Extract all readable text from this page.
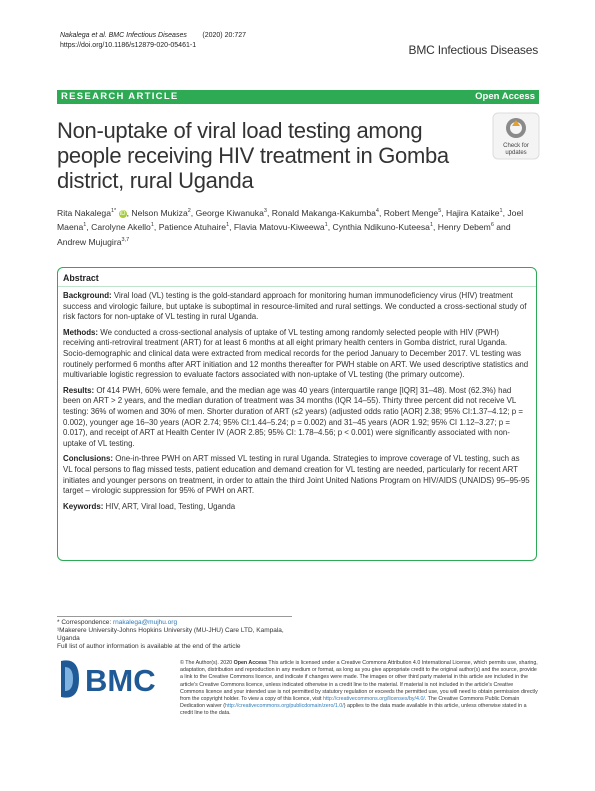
Nakalega et al. BMC Infectious Diseases (2020) 20:727
https://doi.org/10.1186/s12879-020-05461-1	BMC Infectious Diseases
RESEARCH ARTICLE	Open Access
Non-uptake of viral load testing among people receiving HIV treatment in Gomba district, rural Uganda
Check for
updates
Rita Nakalega$^{1*}$ iD, Nelson Mukiza$^2$, George Kiwanuka$^3$, Ronald Makanga-Kakumba$^4$, Robert Menge$^5$, Hajira Kataike$^1$, Joel Maena$^1$, Carolyne Akello$^1$, Patience Atuhaire$^1$, Flavia Matovu-Kiweewa$^1$, Cynthia Ndikuno-Kuteesa$^1$, Henry Debem$^6$ and Andrew Mujugira$^{3,7}$
Abstract

Background: Viral load (VL) testing is the gold-standard approach for monitoring human immunodeficiency virus (HIV) treatment success and virologic failure, but uptake is suboptimal in resource-limited and rural settings. We conducted a cross-sectional study of risk factors for non-uptake of VL testing in rural Uganda.

Methods: We conducted a cross-sectional analysis of uptake of VL testing among randomly selected people with HIV (PWH) receiving anti-retroviral treatment (ART) for at least 6 months at all eight primary health centers in Gomba district, rural Uganda. Socio-demographic and clinical data were extracted from medical records for the period January to December 2017. VL testing was routinely performed 6 months after ART initiation and 12 months thereafter for PWH stable on ART. We used descriptive statistics and multivariable logistic regression to evaluate factors associated with non-uptake of VL testing (the primary outcome).

Results: Of 414 PWH, 60% were female, and the median age was 40 years (interquartile range [IQR] 31–48). Most (62.3%) had been on ART > 2 years, and the median duration of treatment was 34 months (IQR 14–55). Thirty three percent did not receive VL testing: 36% of women and 30% of men. Shorter duration of ART (≤2 years) (adjusted odds ratio [AOR] 2.38; 95% CI:1.37–4.12; p = 0.002), younger age 16–30 years (AOR 2.74; 95% CI:1.44–5.24; p = 0.002) and 31–45 years (AOR 1.92; 95% CI 1.12–3.27; p = 0.017), and receipt of ART at Health Center IV (AOR 2.85; 95% CI: 1.78–4.56; p < 0.001) were significantly associated with non-uptake of VL testing.

Conclusions: One-in-three PWH on ART missed VL testing in rural Uganda. Strategies to improve coverage of VL testing, such as VL focal persons to flag missed tests, patient education and demand creation for VL testing are needed, particularly for recent ART initiates and younger persons on treatment, in order to attain the third Joint United Nations Program on HIV/AIDS (UNAIDS) 95–95-95 target – virologic suppression for 95% of PWH on ART.

Keywords: HIV, ART, Viral load, Testing, Uganda

* Correspondence: rnakalega@mujhu.org
¹Makerere University-Johns Hopkins University (MU-JHU) Care LTD, Kampala,
Uganda
Full list of author information is available at the end of the article
BMC	© The Author(s). 2020 Open Access This article is licensed under a Creative Commons Attribution 4.0 International License, which permits use, sharing, adaptation, distribution and reproduction in any medium or format, as long as you give appropriate credit to the original author(s) and the source, provide a link to the Creative Commons licence, and indicate if changes were made. The images or other third party material in this article are included in the article's Creative Commons licence, unless indicated otherwise in a credit line to the material. If material is not included in the article's Creative Commons licence and your intended use is not permitted by statutory regulation or exceeds the permitted use, you will need to obtain permission directly from the copyright holder. To view a copy of this licence, visit http://creativecommons.org/licenses/by/4.0/. The Creative Commons Public Domain Dedication waiver (http://creativecommons.org/publicdomain/zero/1.0/) applies to the data made available in this article, unless otherwise stated in a credit line to the data.
